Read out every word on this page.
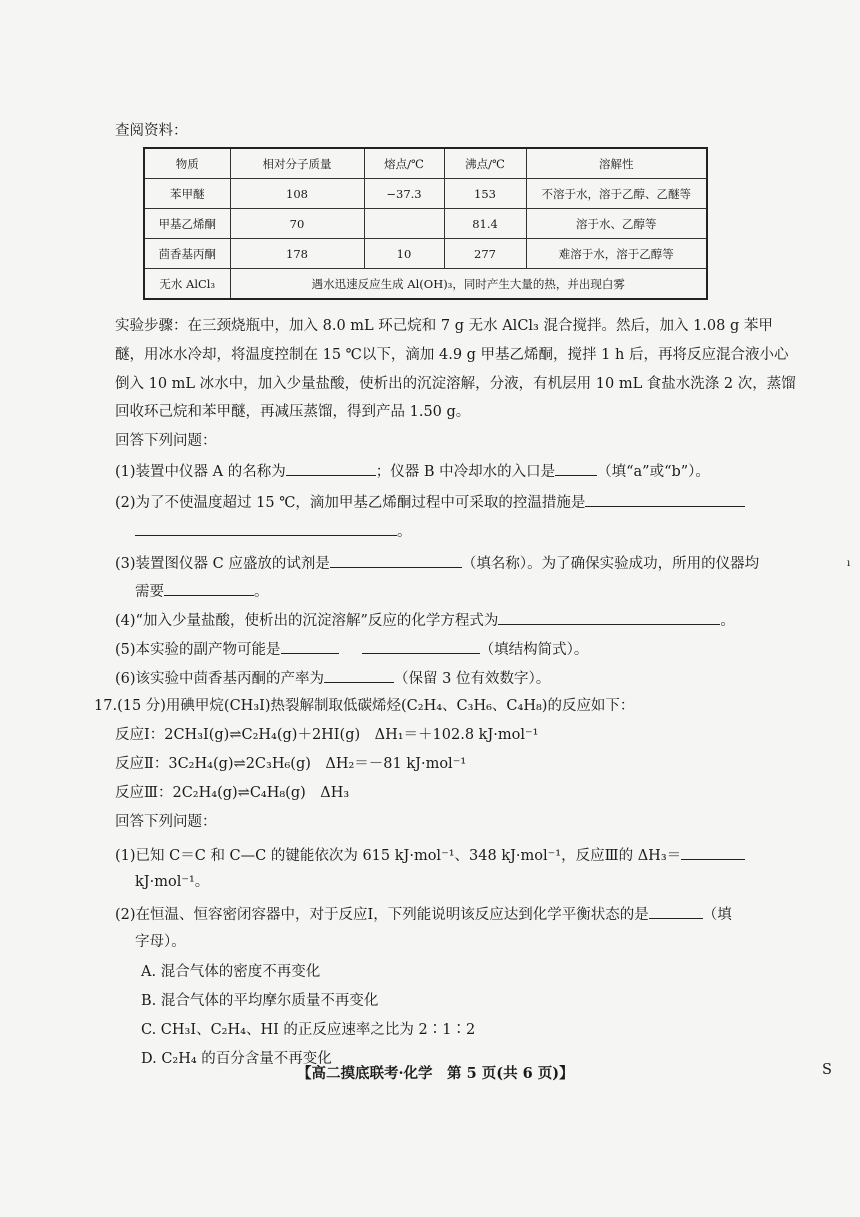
查阅资料：
物质	相对分子质量	熔点/℃	沸点/℃	溶解性
苯甲醚	108	−37.3	153	不溶于水，溶于乙醇、乙醚等
甲基乙烯酮	70		81.4	溶于水、乙醇等
茴香基丙酮	178	10	277	难溶于水，溶于乙醇等
无水 AlCl₃	遇水迅速反应生成 Al(OH)₃，同时产生大量的热，并出现白雾			
实验步骤：在三颈烧瓶中，加入 8.0 mL 环己烷和 7 g 无水 AlCl₃ 混合搅拌。然后，加入 1.08 g 苯甲
醚，用冰水冷却，将温度控制在 15 ℃以下，滴加 4.9 g 甲基乙烯酮，搅拌 1 h 后，再将反应混合液小心
倒入 10 mL 冰水中，加入少量盐酸，使析出的沉淀溶解，分液，有机层用 10 mL 食盐水洗涤 2 次，蒸馏
回收环己烷和苯甲醚，再减压蒸馏，得到产品 1.50 g。
回答下列问题：
(1)装置中仪器 A 的名称为	；仪器 B 中冷却水的入口是	（填“a”或“b”）。
(2)为了不使温度超过 15 ℃，滴加甲基乙烯酮过程中可采取的控温措施是
。
(3)装置图仪器 C 应盛放的试剂是	（填名称）。为了确保实验成功，所用的仪器均
需要	。
(4)“加入少量盐酸，使析出的沉淀溶解”反应的化学方程式为	。
(5)本实验的副产物可能是	（填结构简式）。
(6)该实验中茴香基丙酮的产率为	（保留 3 位有效数字）。
17.(15 分)用碘甲烷(CH₃I)热裂解制取低碳烯烃(C₂H₄、C₃H₆、C₄H₈)的反应如下：
反应Ⅰ：2CH₃I(g)⇌C₂H₄(g)＋2HI(g)　ΔH₁＝＋102.8 kJ·mol⁻¹
反应Ⅱ：3C₂H₄(g)⇌2C₃H₆(g)　ΔH₂＝－81 kJ·mol⁻¹
反应Ⅲ：2C₂H₄(g)⇌C₄H₈(g)　ΔH₃
回答下列问题：
(1)已知 C＝C 和 C—C 的键能依次为 615 kJ·mol⁻¹、348 kJ·mol⁻¹，反应Ⅲ的 ΔH₃＝
kJ·mol⁻¹。
(2)在恒温、恒容密闭容器中，对于反应Ⅰ，下列能说明该反应达到化学平衡状态的是	（填
字母）。
A. 混合气体的密度不再变化
B. 混合气体的平均摩尔质量不再变化
C. CH₃I、C₂H₄、HI 的正反应速率之比为 2∶1∶2
D. C₂H₄ 的百分含量不再变化
【高二摸底联考·化学　第 5 页(共 6 页)】	S
ı
